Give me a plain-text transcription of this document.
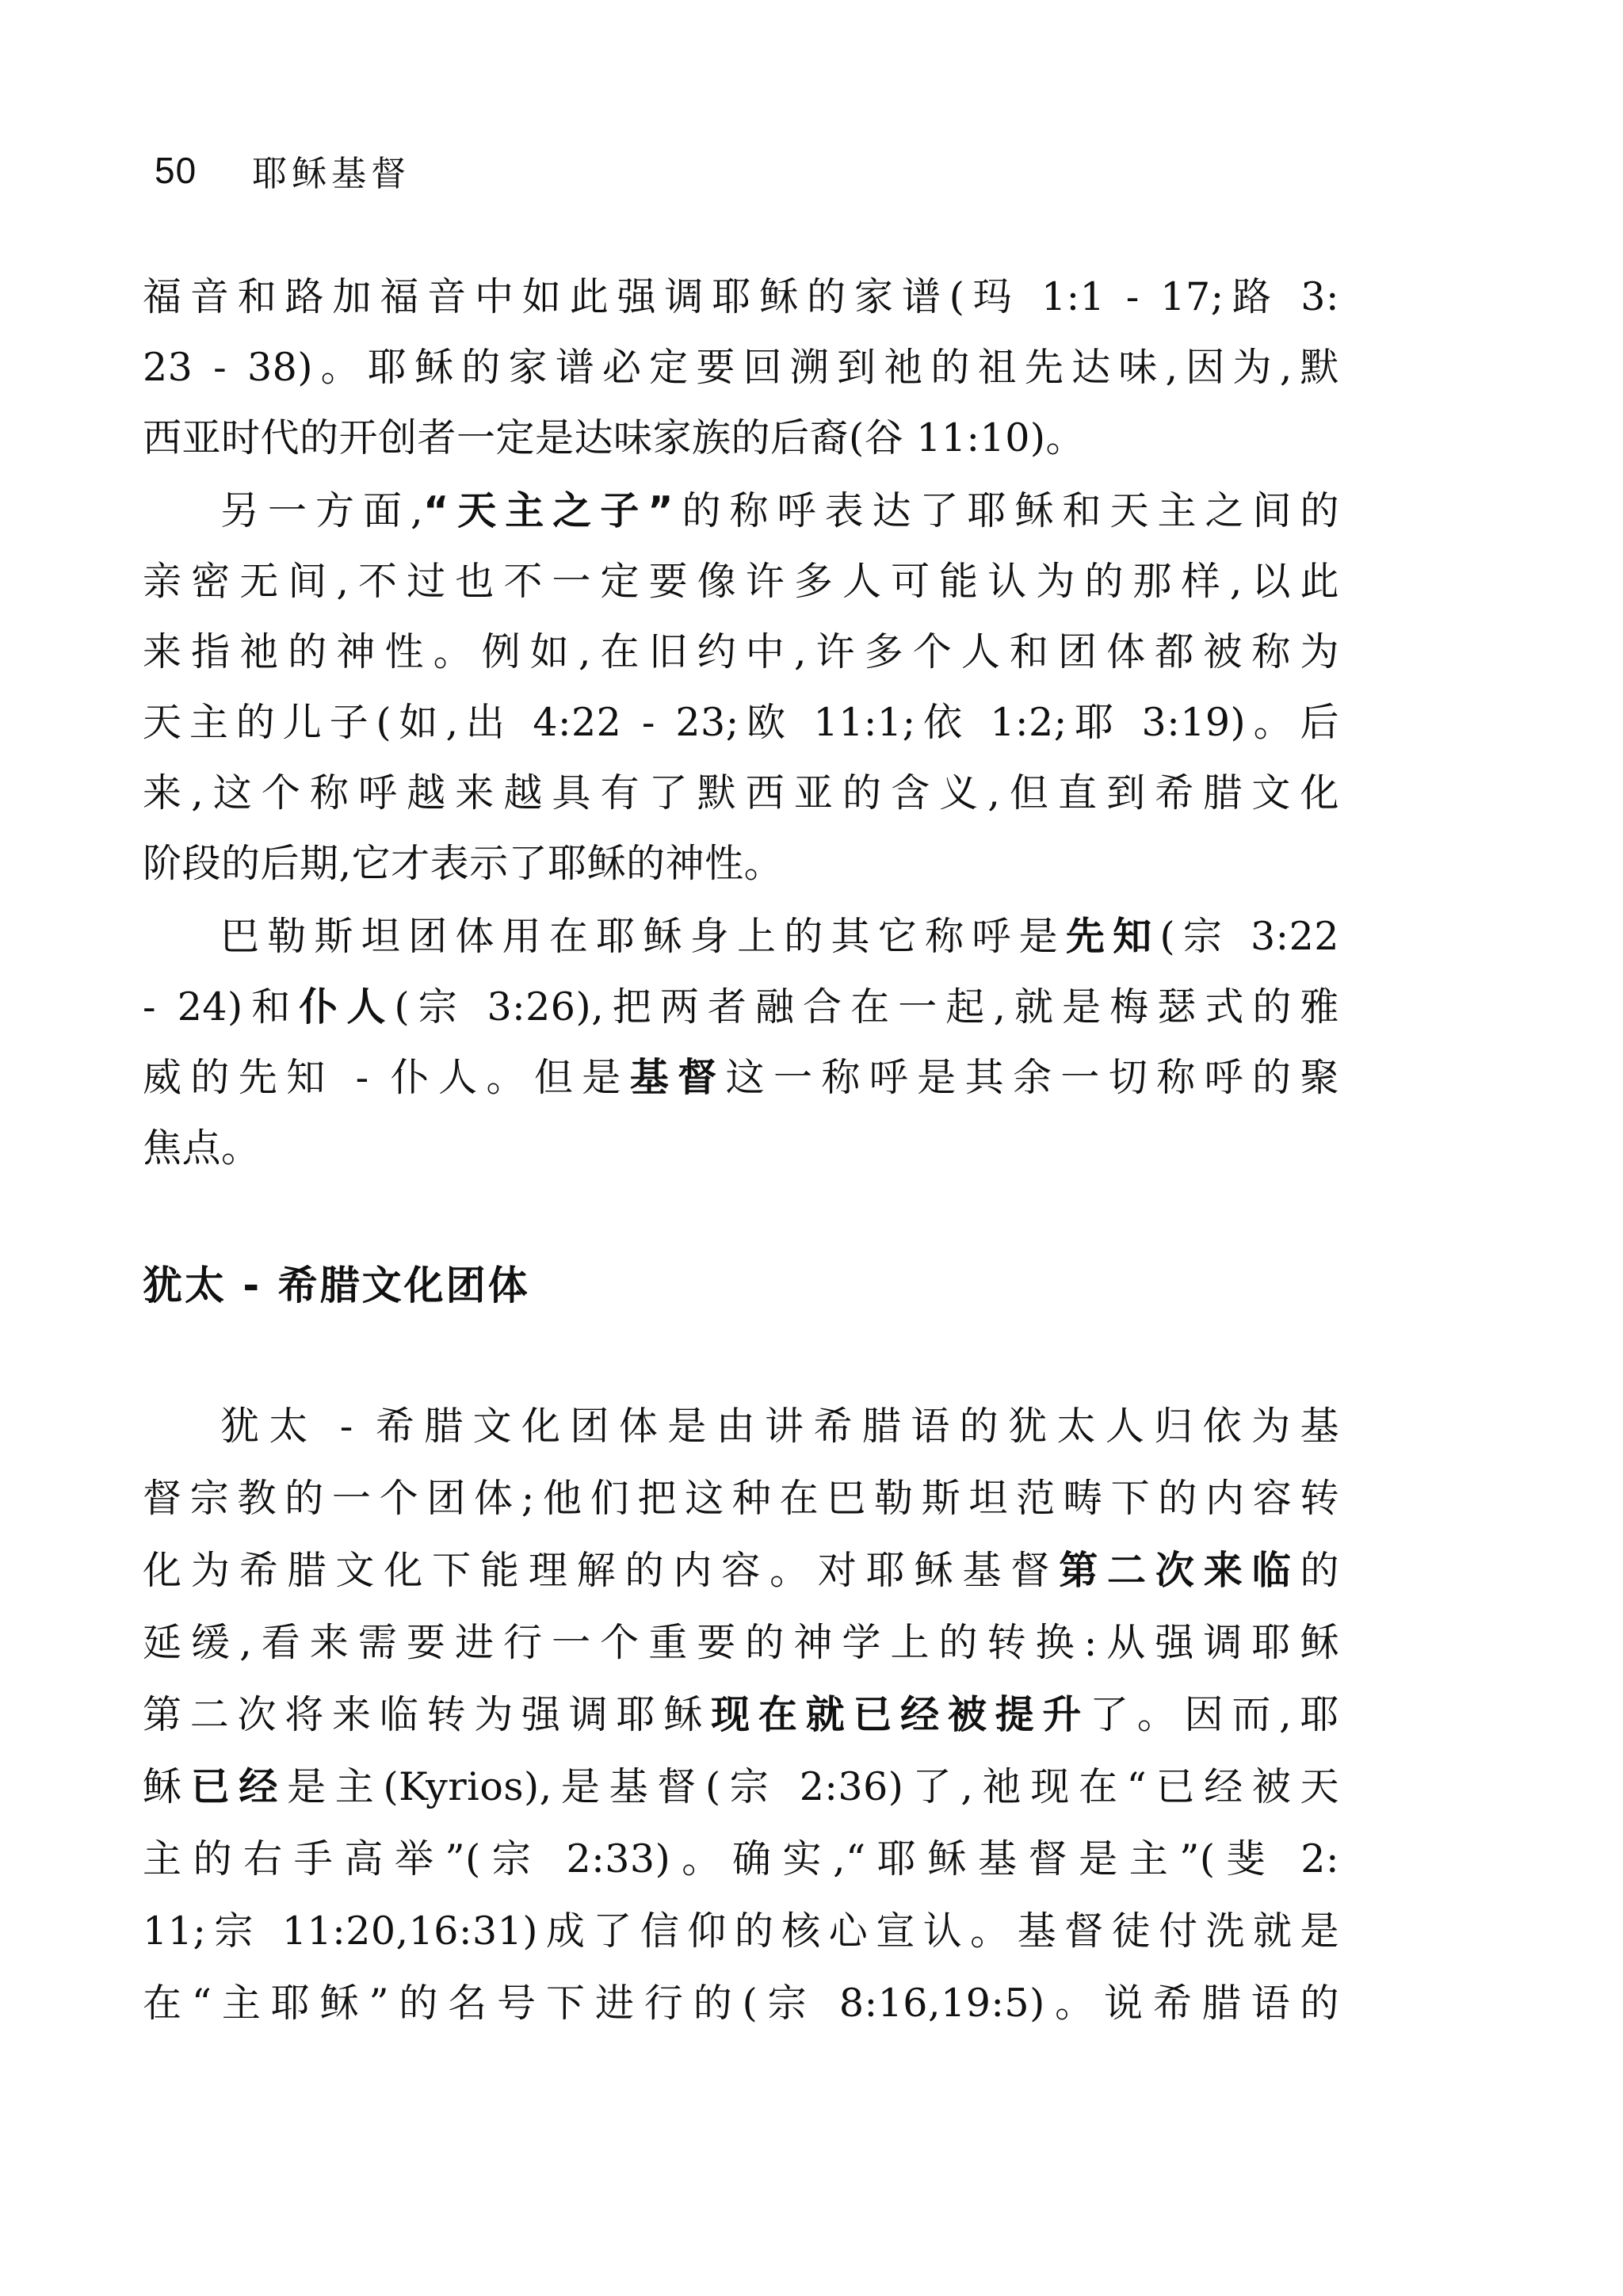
50 耶稣基督
福音和路加福音中如此强调耶稣的家谱(玛 1:1 - 17;路 3:
23 - 38)。耶稣的家谱必定要回溯到祂的祖先达味,因为,默
西亚时代的开创者一定是达味家族的后裔(谷 11:10)。
另一方面,“天主之子”的称呼表达了耶稣和天主之间的
亲密无间,不过也不一定要像许多人可能认为的那样,以此
来指祂的神性。例如,在旧约中,许多个人和团体都被称为
天主的儿子(如,出 4:22 - 23;欧 11:1;依 1:2;耶 3:19)。后
来,这个称呼越来越具有了默西亚的含义,但直到希腊文化
阶段的后期,它才表示了耶稣的神性。
巴勒斯坦团体用在耶稣身上的其它称呼是先知(宗 3:22
- 24)和仆人(宗 3:26),把两者融合在一起,就是梅瑟式的雅
威的先知 - 仆人。但是基督这一称呼是其余一切称呼的聚
焦点。
犹太 - 希腊文化团体
犹太 - 希腊文化团体是由讲希腊语的犹太人归依为基
督宗教的一个团体;他们把这种在巴勒斯坦范畴下的内容转
化为希腊文化下能理解的内容。对耶稣基督第二次来临的
延缓,看来需要进行一个重要的神学上的转换:从强调耶稣
第二次将来临转为强调耶稣现在就已经被提升了。因而,耶
稣已经是主(Kyrios),是基督(宗 2:36)了,祂现在“已经被天
主的右手高举”(宗 2:33)。确实,“耶稣基督是主”(斐 2:
11;宗 11:20,16:31)成了信仰的核心宣认。基督徒付洗就是
在“主耶稣”的名号下进行的(宗 8:16,19:5)。说希腊语的
